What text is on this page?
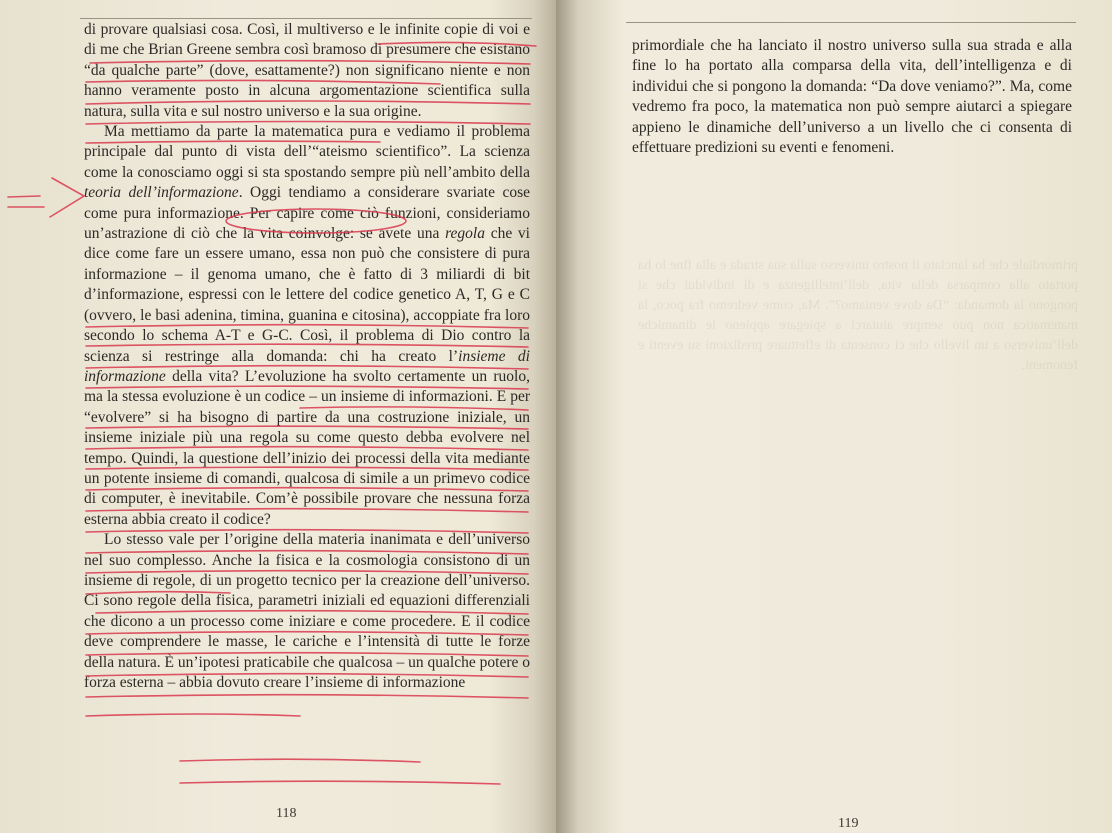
di provare qualsiasi cosa. Così, il multiverso e le infinite copie di voi e di me che Brian Greene sembra così bramoso di presumere che esistano “da qualche parte” (dove, esattamente?) non significano niente e non hanno veramente posto in alcuna argomentazione scientifica sulla natura, sulla vita e sul nostro universo e la sua origine.

Ma mettiamo da parte la matematica pura e vediamo il problema principale dal punto di vista dell’“ateismo scientifico”. La scienza come la conosciamo oggi si sta spostando sempre più nell’ambito della teoria dell’informazione. Oggi tendiamo a considerare svariate cose come pura informazione. Per capire come ciò funzioni, consideriamo un’astrazione di ciò che la vita coinvolge: se avete una regola che vi dice come fare un essere umano, essa non può che consistere di pura informazione – il genoma umano, che è fatto di 3 miliardi di bit d’informazione, espressi con le lettere del codice genetico A, T, G e C (ovvero, le basi adenina, timina, guanina e citosina), accoppiate fra loro secondo lo schema A-T e G-C. Così, il problema di Dio contro la scienza si restringe alla domanda: chi ha creato l’insieme di informazione della vita? L’evoluzione ha svolto certamente un ruolo, ma la stessa evoluzione è un codice – un insieme di informazioni. E per “evolvere” si ha bisogno di partire da una costruzione iniziale, un insieme iniziale più una regola su come questo debba evolvere nel tempo. Quindi, la questione dell’inizio dei processi della vita mediante un potente insieme di comandi, qualcosa di simile a un primevo codice di computer, è inevitabile. Com’è possibile provare che nessuna forza esterna abbia creato il codice?

Lo stesso vale per l’origine della materia inanimata e dell’universo nel suo complesso. Anche la fisica e la cosmologia consistono di un insieme di regole, di un progetto tecnico per la creazione dell’universo. Ci sono regole della fisica, parametri iniziali ed equazioni differenziali che dicono a un processo come iniziare e come procedere. E il codice deve comprendere le masse, le cariche e l’intensità di tutte le forze della natura. È un’ipotesi praticabile che qualcosa – un qualche potere o forza esterna – abbia dovuto creare l’insieme di informazione

118

primordiale che ha lanciato il nostro universo sulla sua strada e alla fine lo ha portato alla comparsa della vita, dell’intelligenza e di individui che si pongono la domanda: “Da dove veniamo?”. Ma, come vedremo fra poco, la matematica non può sempre aiutarci a spiegare appieno le dinamiche dell’universo a un livello che ci consenta di effettuare predizioni su eventi e fenomeni.

primordiale che ha lanciato il nostro universo sulla sua strada e alla fine lo ha portato alla comparsa della vita, dell’intelligenza e di individui che si pongono la domanda: “Da dove veniamo?”. Ma, come vedremo fra poco, la matematica non può sempre aiutarci a spiegare appieno le dinamiche dell’universo a un livello che ci consenta di effettuare predizioni su eventi e fenomeni.

119
